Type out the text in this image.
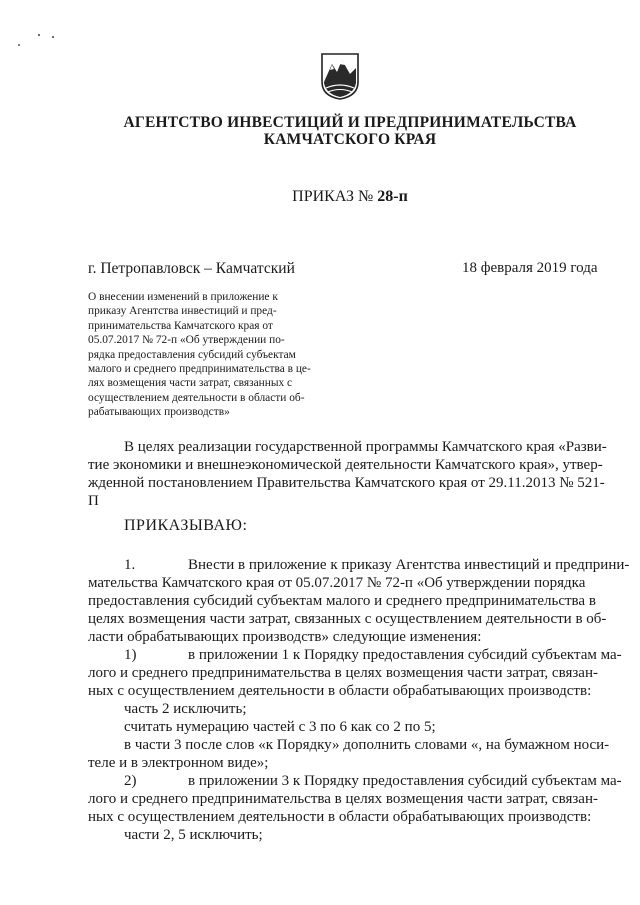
АГЕНТСТВО ИНВЕСТИЦИЙ И ПРЕДПРИНИМАТЕЛЬСТВА
КАМЧАТСКОГО КРАЯ
ПРИКАЗ № 28-п
г. Петропавловск – Камчатский	18 февраля 2019 года
О внесении изменений в приложение к
приказу Агентства инвестиций и пред-
принимательства Камчатского края от
05.07.2017 № 72-п «Об утверждении по-
рядка предоставления субсидий субъектам
малого и среднего предпринимательства в це-
лях возмещения части затрат, связанных с
осуществлением деятельности в области об-
рабатывающих производств»
В целях реализации государственной программы Камчатского края «Разви-
тие экономики и внешнеэкономической деятельности Камчатского края», утвер-
жденной постановлением Правительства Камчатского края от 29.11.2013 № 521-
П
ПРИКАЗЫВАЮ:
1.	Внести в приложение к приказу Агентства инвестиций и предприни-
мательства Камчатского края от 05.07.2017 № 72-п «Об утверждении порядка
предоставления субсидий субъектам малого и среднего предпринимательства в
целях возмещения части затрат, связанных с осуществлением деятельности в об-
ласти обрабатывающих производств» следующие изменения:
1)	в приложении 1 к Порядку предоставления субсидий субъектам ма-
лого и среднего предпринимательства в целях возмещения части затрат, связан-
ных с осуществлением деятельности в области обрабатывающих производств:
часть 2 исключить;
считать нумерацию частей с 3 по 6 как со 2 по 5;
в части 3 после слов «к Порядку» дополнить словами «, на бумажном носи-
теле и в электронном виде»;
2)	в приложении 3 к Порядку предоставления субсидий субъектам ма-
лого и среднего предпринимательства в целях возмещения части затрат, связан-
ных с осуществлением деятельности в области обрабатывающих производств:
части 2, 5 исключить;
